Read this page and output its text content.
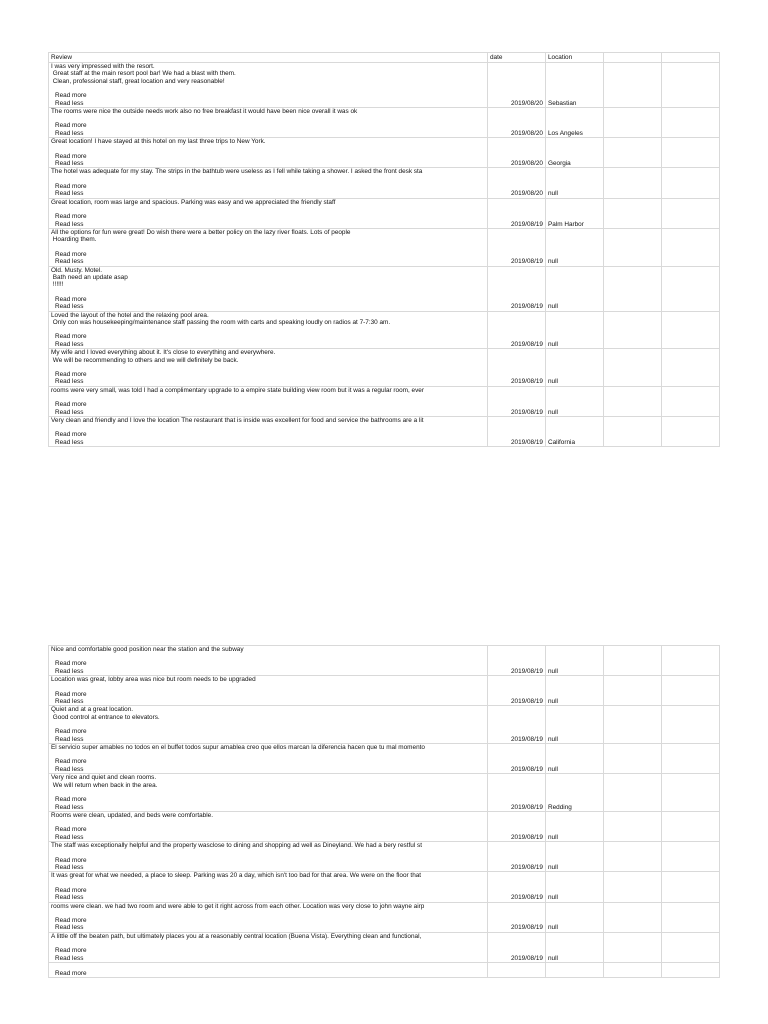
Review	date	Location		

I was very impressed with the resort.
Great staff at the main resort pool bar! We had a blast with them.
Clean, professional staff, great location and very reasonable!
Read more
Read less	2019/08/20	Sebastian		

The rooms were nice the outside needs work also no free breakfast it would have been nice overall it was ok
Read more
Read less	2019/08/20	Los Angeles		

Great location! I have stayed at this hotel on my last three trips to New York.
Read more
Read less	2019/08/20	Georgia		

The hotel was adequate for my stay. The strips in the bathtub were useless as I fell while taking a shower. I asked the front desk sta
Read more
Read less	2019/08/20	null		

Great location, room was large and spacious. Parking was easy and we appreciated the friendly staff
Read more
Read less	2019/08/19	Palm Harbor		

All the options for fun were great! Do wish there were a better policy on the lazy river floats. Lots of people
Hoarding them.
Read more
Read less	2019/08/19	null		

Old. Musty. Motel.
Bath need an update asap
!!!!!!
Read more
Read less	2019/08/19	null		

Loved the layout of the hotel and the relaxing pool area.
Only con was housekeeping/maintenance staff passing the room with carts and speaking loudly on radios at 7-7:30 am.
Read more
Read less	2019/08/19	null		

My wife and I loved everything about it. It's close to everything and everywhere.
We will be recommending to others and we will definitely be back.
Read more
Read less	2019/08/19	null		

rooms were very small, was told I had a complimentary upgrade to a empire state building view room but it was a regular room, ever
Read more
Read less	2019/08/19	null		

Very clean and friendly and I love the location The restaurant that is inside was excellent for food and service the bathrooms are a lit
Read more
Read less	2019/08/19	California		
Nice and comfortable good position near the station and the subway
Read more
Read less	2019/08/19	null		

Location was great, lobby area was nice but room needs to be upgraded
Read more
Read less	2019/08/19	null		

Quiet and at a great location.
Good control at entrance to elevators.
Read more
Read less	2019/08/19	null		

El servicio super amables no todos en el buffet todos supur amablea creo que ellos marcan la diferencia hacen que tu mal momento
Read more
Read less	2019/08/19	null		

Very nice and quiet and clean rooms.
We will return when back in the area.
Read more
Read less	2019/08/19	Redding		

Rooms were clean, updated, and beds were comfortable.
Read more
Read less	2019/08/19	null		

The staff was exceptionally helpful and the property wasclose to dining and shopping ad well as Dineyland. We had a bery restful st
Read more
Read less	2019/08/19	null		

It was great for what we needed, a place to sleep. Parking was 20 a day, which isn't too bad for that area. We were on the floor that
Read more
Read less	2019/08/19	null		

rooms were clean. we had two room and were able to get it right across from each other. Location was very close to john wayne airp
Read more
Read less	2019/08/19	null		

A little off the beaten path, but ultimately places you at a reasonably central location (Buena Vista). Everything clean and functional,
Read more
Read less	2019/08/19	null		

Read more				
